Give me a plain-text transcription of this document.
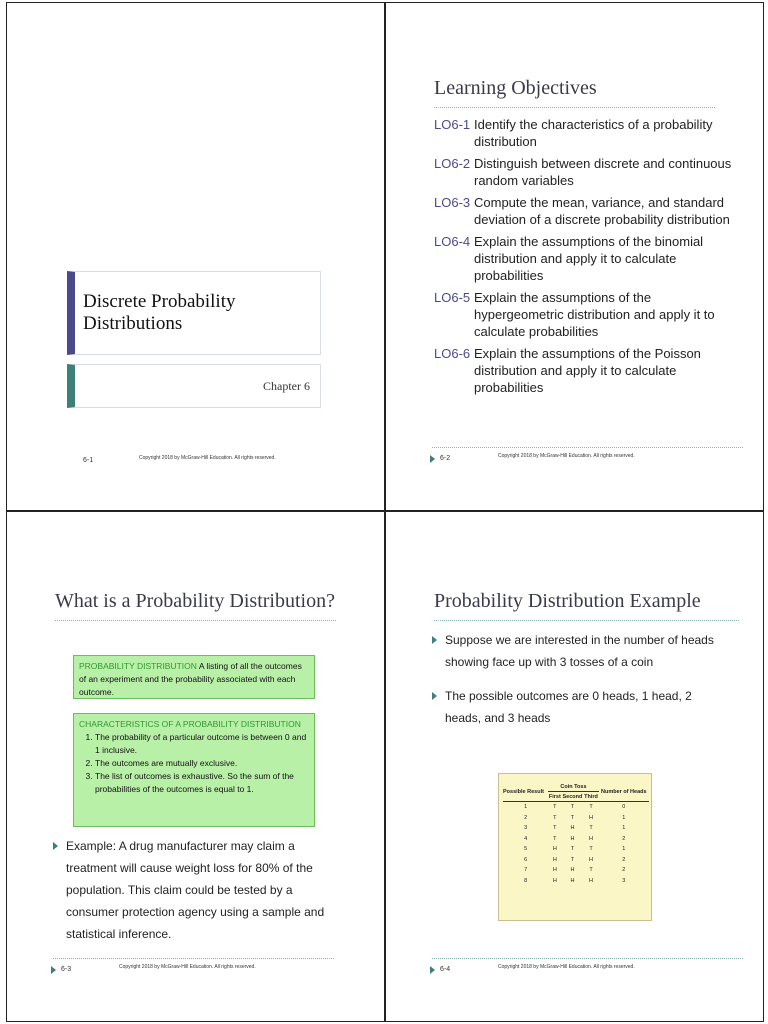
Discrete Probability Distributions
Chapter 6
6-1	Copyright 2018 by McGraw-Hill Education. All rights reserved.
Learning Objectives
LO6-1 Identify the characteristics of a probability distribution
LO6-2 Distinguish between discrete and continuous random variables
LO6-3 Compute the mean, variance, and standard deviation of a discrete probability distribution
LO6-4 Explain the assumptions of the binomial distribution and apply it to calculate probabilities
LO6-5 Explain the assumptions of the hypergeometric distribution and apply it to calculate probabilities
LO6-6 Explain the assumptions of the Poisson distribution and apply it to calculate probabilities
6-2	Copyright 2018 by McGraw-Hill Education. All rights reserved.
What is a Probability Distribution?
PROBABILITY DISTRIBUTION A listing of all the outcomes of an experiment and the probability associated with each outcome.
CHARACTERISTICS OF A PROBABILITY DISTRIBUTION
1. The probability of a particular outcome is between 0 and 1 inclusive.
2. The outcomes are mutually exclusive.
3. The list of outcomes is exhaustive. So the sum of the probabilities of the outcomes is equal to 1.
Example: A drug manufacturer may claim a treatment will cause weight loss for 80% of the population. This claim could be tested by a consumer protection agency using a sample and statistical inference.
6-3	Copyright 2018 by McGraw-Hill Education. All rights reserved.
Probability Distribution Example
Suppose we are interested in the number of heads showing face up with 3 tosses of a coin
The possible outcomes are 0 heads, 1 head, 2 heads, and 3 heads
Possible Result	Coin Toss			Number of Heads
	First	Second	Third	
1	T	T	T	0
2	T	T	H	1
3	T	H	T	1
4	T	H	H	2
5	H	T	T	1
6	H	T	H	2
7	H	H	T	2
8	H	H	H	3
6-4	Copyright 2018 by McGraw-Hill Education. All rights reserved.
